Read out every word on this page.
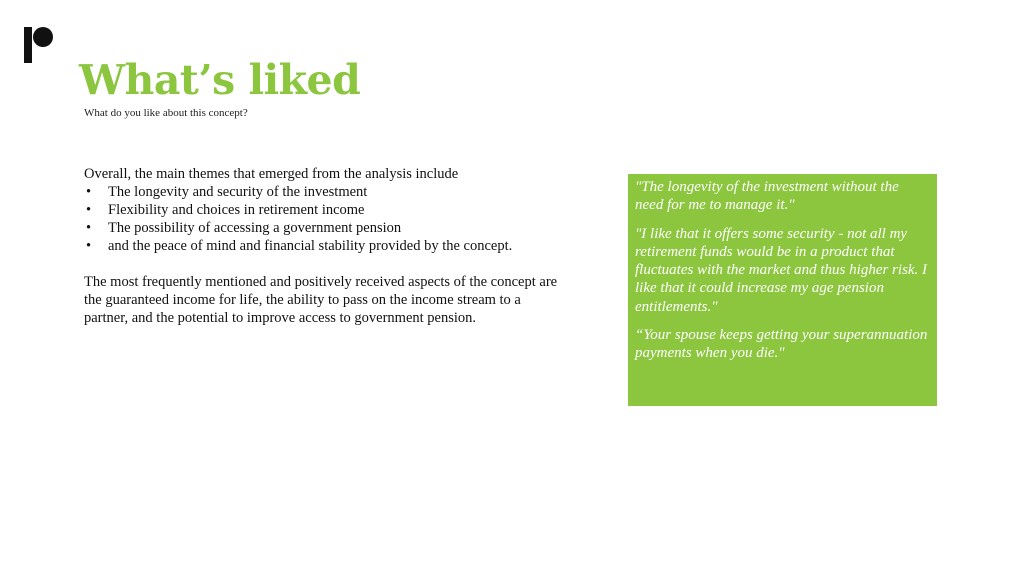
What’s liked

What do you like about this concept?

Overall, the main themes that emerged from the analysis include

• The longevity and security of the investment
• Flexibility and choices in retirement income
• The possibility of accessing a government pension
• and the peace of mind and financial stability provided by the concept.

The most frequently mentioned and positively received aspects of the concept are the guaranteed income for life, the ability to pass on the income stream to a partner, and the potential to improve access to government pension.

"The longevity of the investment without the need for me to manage it."

"I like that it offers some security - not all my retirement funds would be in a product that fluctuates with the market and thus higher risk. I like that it could increase my age pension entitlements."

“Your spouse keeps getting your superannuation payments when you die."
